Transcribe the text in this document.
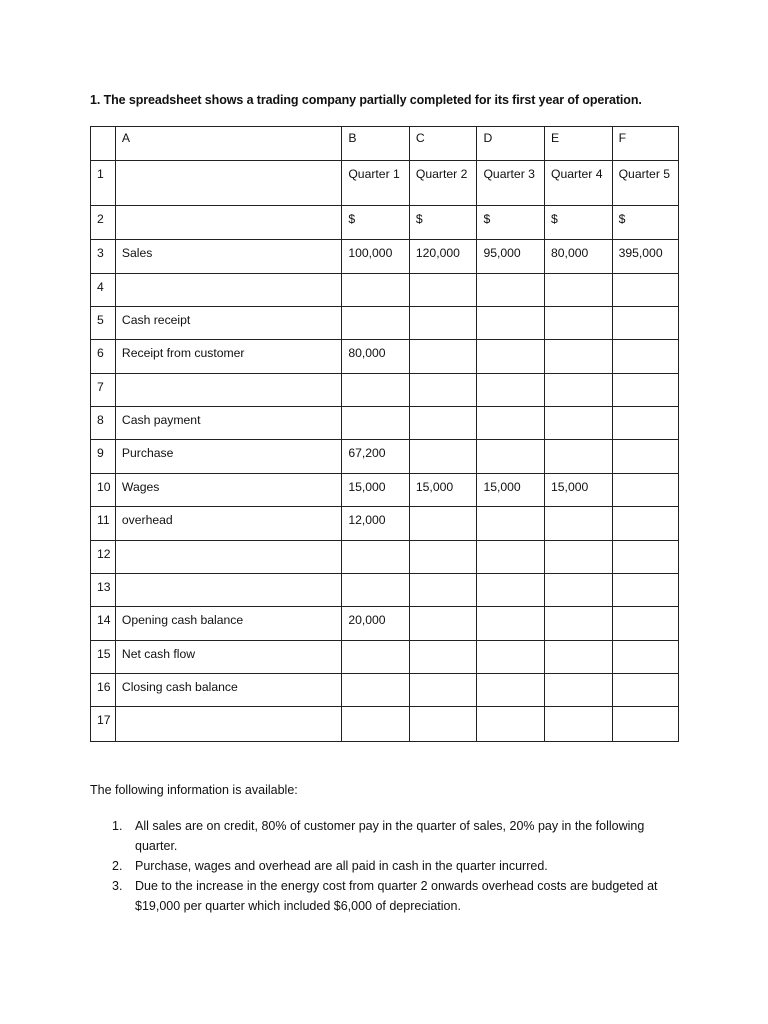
1. The spreadsheet shows a trading company partially completed for its first year of operation.
	A	B	C	D	E	F
1		Quarter 1	Quarter 2	Quarter 3	Quarter 4	Quarter 5
2		$	$	$	$	$
3	Sales	100,000	120,000	95,000	80,000	395,000
4						
5	Cash receipt					
6	Receipt from customer	80,000				
7						
8	Cash payment					
9	Purchase	67,200				
10	Wages	15,000	15,000	15,000	15,000	
11	overhead	12,000				
12						
13						
14	Opening cash balance	20,000				
15	Net cash flow					
16	Closing cash balance					
17						
The following information is available:
1. All sales are on credit, 80% of customer pay in the quarter of sales, 20% pay in the following quarter.
2. Purchase, wages and overhead are all paid in cash in the quarter incurred.
3. Due to the increase in the energy cost from quarter 2 onwards overhead costs are budgeted at $19,000 per quarter which included $6,000 of depreciation.
